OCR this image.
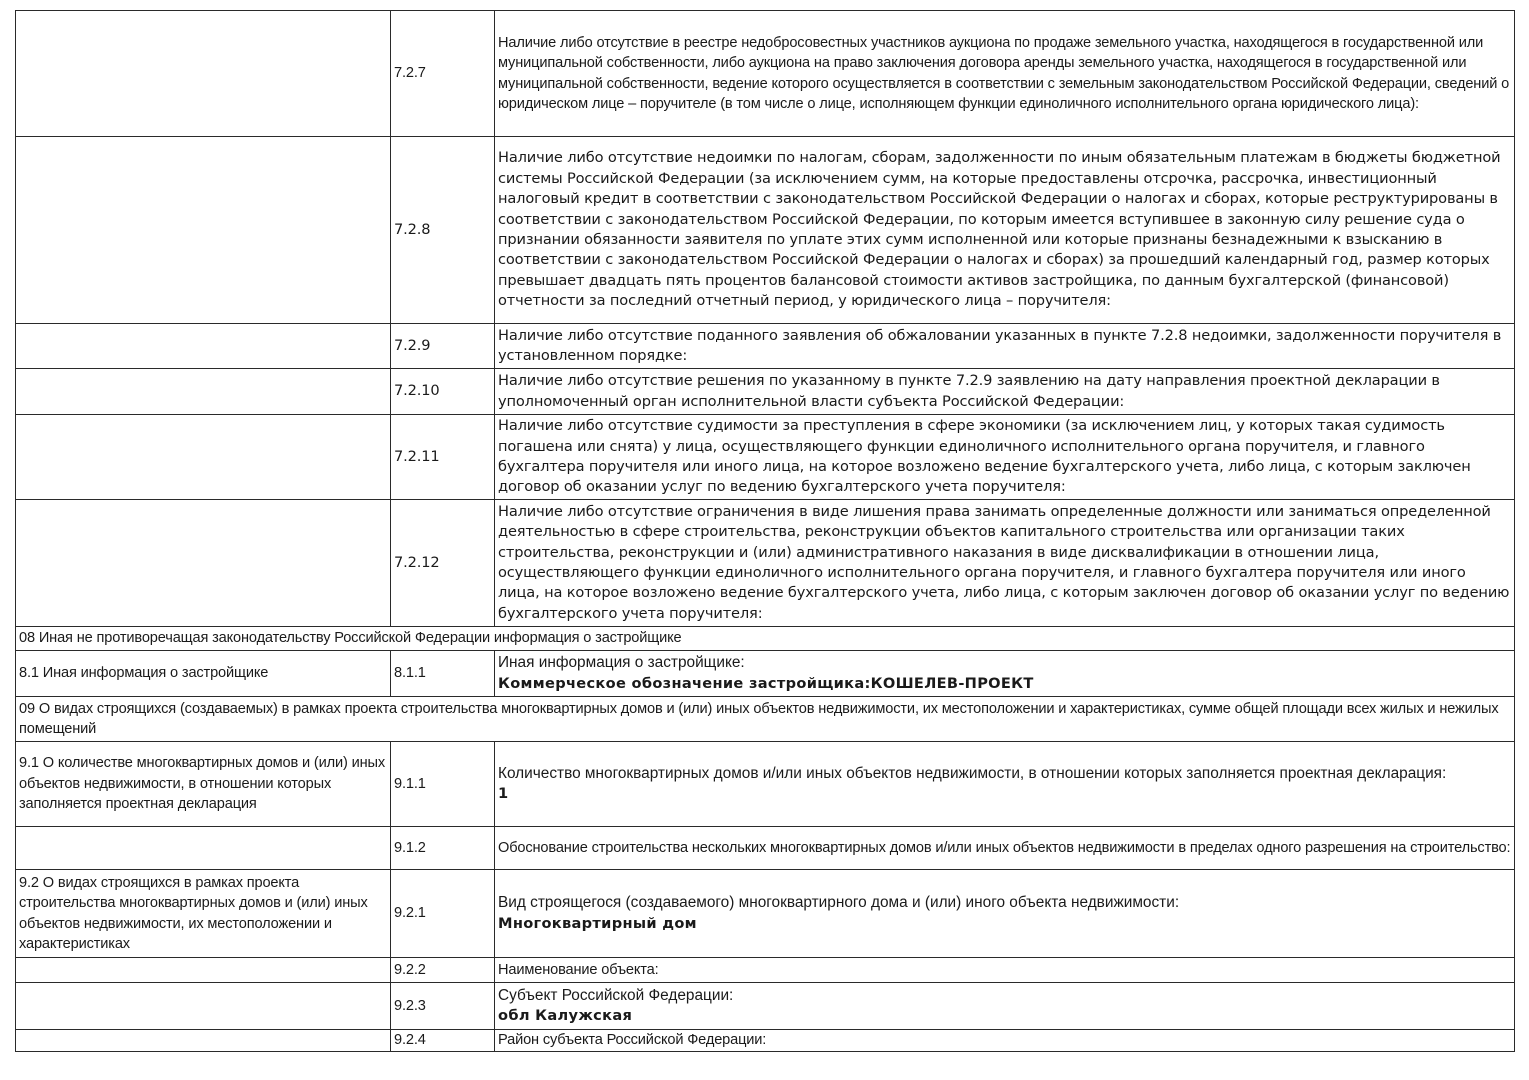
	7.2.7	Наличие либо отсутствие в реестре недобросовестных участников аукциона по продаже земельного участка, находящегося в государственной или муниципальной собственности, либо аукциона на право заключения договора аренды земельного участка, находящегося в государственной или муниципальной собственности, ведение которого осуществляется в соответствии с земельным законодательством Российской Федерации, сведений о юридическом лице – поручителе (в том числе о лице, исполняющем функции единоличного исполнительного органа юридического лица):
	7.2.8	Наличие либо отсутствие недоимки по налогам, сборам, задолженности по иным обязательным платежам в бюджеты бюджетной системы Российской Федерации (за исключением сумм, на которые предоставлены отсрочка, рассрочка, инвестиционный налоговый кредит в соответствии с законодательством Российской Федерации о налогах и сборах, которые реструктурированы в соответствии с законодательством Российской Федерации, по которым имеется вступившее в законную силу решение суда о признании обязанности заявителя по уплате этих сумм исполненной или которые признаны безнадежными к взысканию в соответствии с законодательством Российской Федерации о налогах и сборах) за прошедший календарный год, размер которых превышает двадцать пять процентов балансовой стоимости активов застройщика, по данным бухгалтерской (финансовой) отчетности за последний отчетный период, у юридического лица – поручителя:
	7.2.9	Наличие либо отсутствие поданного заявления об обжаловании указанных в пункте 7.2.8 недоимки, задолженности поручителя в установленном порядке:
	7.2.10	Наличие либо отсутствие решения по указанному в пункте 7.2.9 заявлению на дату направления проектной декларации в уполномоченный орган исполнительной власти субъекта Российской Федерации:
	7.2.11	Наличие либо отсутствие судимости за преступления в сфере экономики (за исключением лиц, у которых такая судимость погашена или снята) у лица, осуществляющего функции единоличного исполнительного органа поручителя, и главного бухгалтера поручителя или иного лица, на которое возложено ведение бухгалтерского учета, либо лица, с которым заключен договор об оказании услуг по ведению бухгалтерского учета поручителя:
	7.2.12	Наличие либо отсутствие ограничения в виде лишения права занимать определенные должности или заниматься определенной деятельностью в сфере строительства, реконструкции объектов капитального строительства или организации таких строительства, реконструкции и (или) административного наказания в виде дисквалификации в отношении лица, осуществляющего функции единоличного исполнительного органа поручителя, и главного бухгалтера поручителя или иного лица, на которое возложено ведение бухгалтерского учета, либо лица, с которым заключен договор об оказании услуг по ведению бухгалтерского учета поручителя:
08 Иная не противоречащая законодательству Российской Федерации информация о застройщике		
8.1 Иная информация о застройщике	8.1.1	Иная информация о застройщике:
Коммерческое обозначение застройщика:КОШЕЛЕВ-ПРОЕКТ

09 О видах строящихся (создаваемых) в рамках проекта строительства многоквартирных домов и (или) иных объектов недвижимости, их местоположении и характеристиках, сумме общей площади всех жилых и нежилых помещений		
9.1 О количестве многоквартирных домов и (или) иных объектов недвижимости, в отношении которых заполняется проектная декларация	9.1.1	Количество многоквартирных домов и/или иных объектов недвижимости, в отношении которых заполняется проектная декларация:
1

	9.1.2	Обоснование строительства нескольких многоквартирных домов и/или иных объектов недвижимости в пределах одного разрешения на строительство:
9.2 О видах строящихся в рамках проекта строительства многоквартирных домов и (или) иных объектов недвижимости, их местоположении и характеристиках	9.2.1	Вид строящегося (создаваемого) многоквартирного дома и (или) иного объекта недвижимости:
Многоквартирный дом

	9.2.2	Наименование объекта:
	9.2.3	Субъект Российской Федерации:
обл Калужская

	9.2.4	Район субъекта Российской Федерации:
